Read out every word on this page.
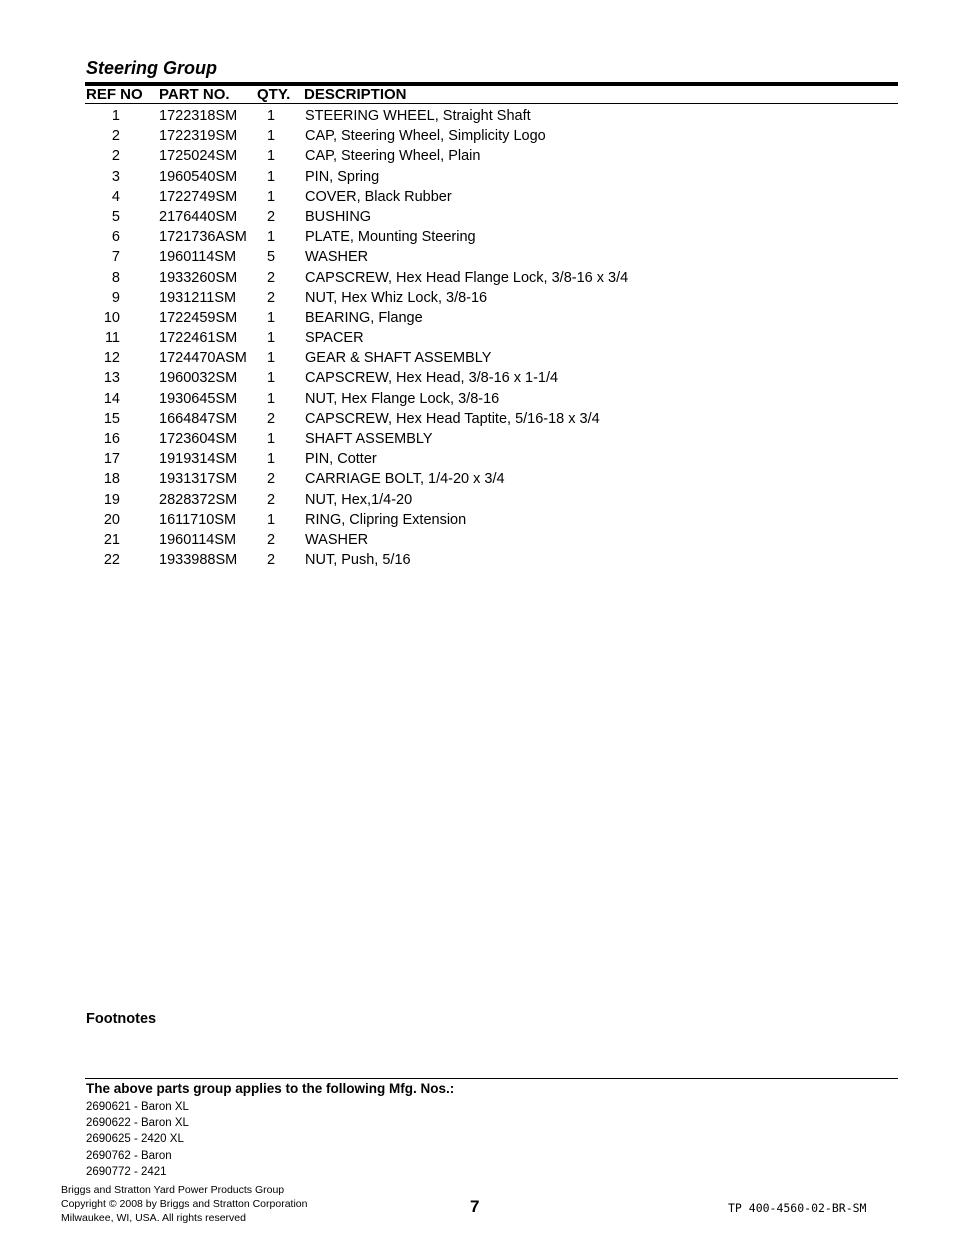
Steering Group
REF NO PART NO. QTY. DESCRIPTION
1	1722318SM 1 STEERING WHEEL, Straight Shaft
2	1722319SM 1 CAP, Steering Wheel, Simplicity Logo
2	1725024SM 1 CAP, Steering Wheel, Plain
3	1960540SM 1 PIN, Spring
4	1722749SM 1 COVER, Black Rubber
5	2176440SM 2 BUSHING
6	1721736ASM 1 PLATE, Mounting Steering
7	1960114SM 5 WASHER
8	1933260SM 2 CAPSCREW, Hex Head Flange Lock, 3/8-16 x 3/4
9	1931211SM 2 NUT, Hex Whiz Lock, 3/8-16
10	1722459SM 1 BEARING, Flange
11	1722461SM 1 SPACER
12	1724470ASM 1 GEAR & SHAFT ASSEMBLY
13	1960032SM 1 CAPSCREW, Hex Head, 3/8-16 x 1-1/4
14	1930645SM 1 NUT, Hex Flange Lock, 3/8-16
15	1664847SM 2 CAPSCREW, Hex Head Taptite, 5/16-18 x 3/4
16	1723604SM 1 SHAFT ASSEMBLY
17	1919314SM 1 PIN, Cotter
18	1931317SM 2 CARRIAGE BOLT, 1/4-20 x 3/4
19	2828372SM 2 NUT, Hex,1/4-20
20	1611710SM 1 RING, Clipring Extension
21	1960114SM 2 WASHER
22	1933988SM 2 NUT, Push, 5/16
Footnotes
The above parts group applies to the following Mfg. Nos.:
2690621 - Baron XL
2690622 - Baron XL
2690625 - 2420 XL
2690762 - Baron
2690772 - 2421
Briggs and Stratton Yard Power Products Group
Copyright © 2008 by Briggs and Stratton Corporation
Milwaukee, WI, USA. All rights reserved
7	TP 400-4560-02-BR-SM
